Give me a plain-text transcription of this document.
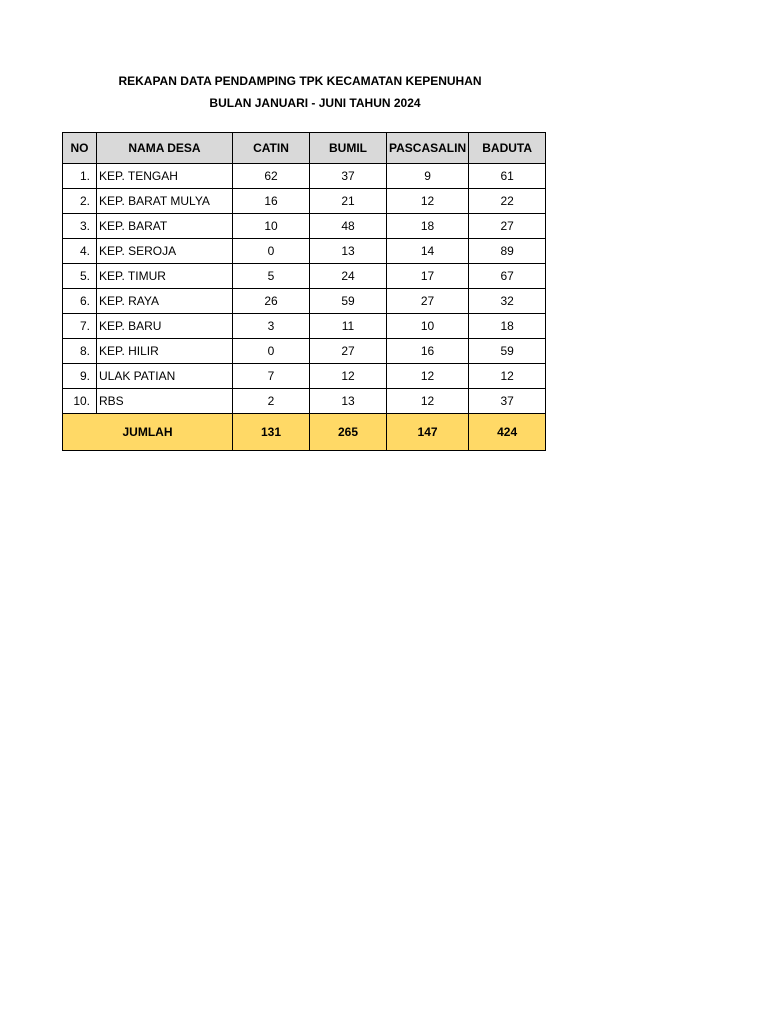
REKAPAN DATA PENDAMPING TPK KECAMATAN KEPENUHAN
BULAN JANUARI - JUNI TAHUN 2024
NO	NAMA DESA	CATIN	BUMIL	PASCASALIN	BADUTA
1.	KEP. TENGAH	62	37	9	61
2.	KEP. BARAT MULYA	16	21	12	22
3.	KEP. BARAT	10	48	18	27
4.	KEP. SEROJA	0	13	14	89
5.	KEP. TIMUR	5	24	17	67
6.	KEP. RAYA	26	59	27	32
7.	KEP. BARU	3	11	10	18
8.	KEP. HILIR	0	27	16	59
9.	ULAK PATIAN	7	12	12	12
10.	RBS	2	13	12	37
JUMLAH		131	265	147	424
